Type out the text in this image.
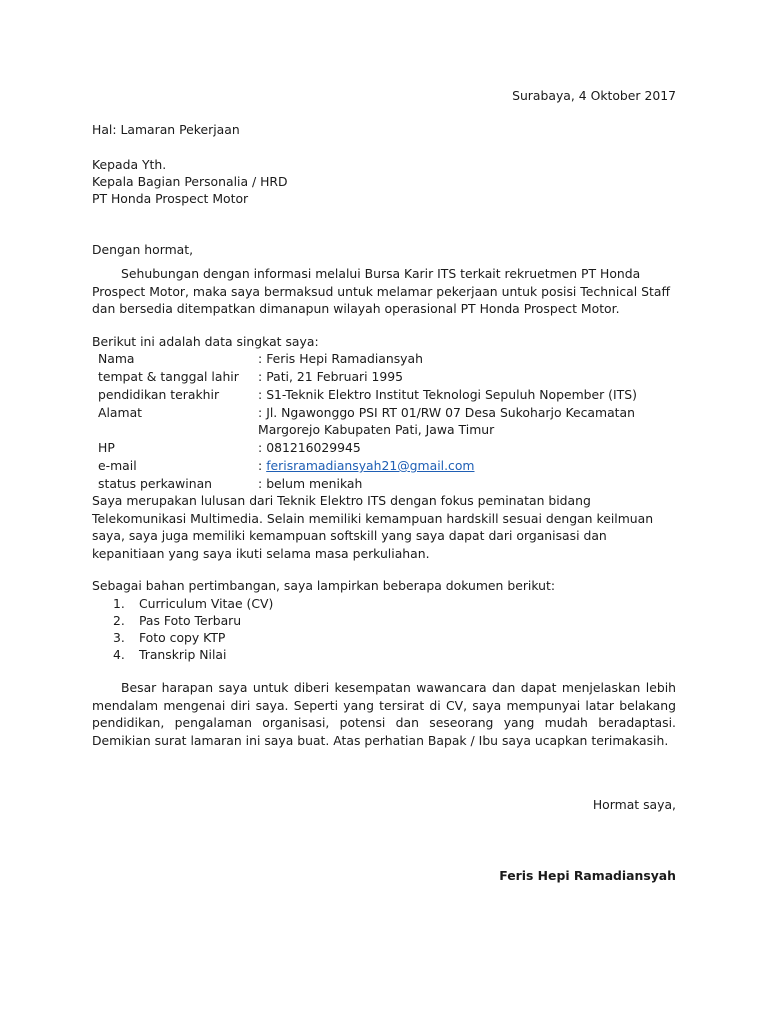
Surabaya, 4 Oktober 2017
Hal: Lamaran Pekerjaan
Kepada Yth.
Kepala Bagian Personalia / HRD
PT Honda Prospect Motor
Dengan hormat,
Sehubungan dengan informasi melalui Bursa Karir ITS terkait rekruetmen PT Honda Prospect Motor, maka saya bermaksud untuk melamar pekerjaan untuk posisi Technical Staff dan bersedia ditempatkan dimanapun wilayah operasional PT Honda Prospect Motor.
Berikut ini adalah data singkat saya:
Nama	: Feris Hepi Ramadiansyah
tempat & tanggal lahir : Pati, 21 Februari 1995
pendidikan terakhir	: S1-Teknik Elektro Institut Teknologi Sepuluh Nopember (ITS)
Alamat	: Jl. Ngawonggo PSI RT 01/RW 07 Desa Sukoharjo Kecamatan
Margorejo Kabupaten Pati, Jawa Timur
HP	: 081216029945
e-mail	: ferisramadiansyah21@gmail.com
status perkawinan	: belum menikah
Saya merupakan lulusan dari Teknik Elektro ITS dengan fokus peminatan bidang Telekomunikasi Multimedia. Selain memiliki kemampuan hardskill sesuai dengan keilmuan saya, saya juga memiliki kemampuan softskill yang saya dapat dari organisasi dan kepanitiaan yang saya ikuti selama masa perkuliahan.
Sebagai bahan pertimbangan, saya lampirkan beberapa dokumen berikut:
1. Curriculum Vitae (CV)
2. Pas Foto Terbaru
3. Foto copy KTP
4. Transkrip Nilai
Besar harapan saya untuk diberi kesempatan wawancara dan dapat menjelaskan lebih mendalam mengenai diri saya. Seperti yang tersirat di CV, saya mempunyai latar belakang pendidikan, pengalaman organisasi, potensi dan seseorang yang mudah beradaptasi. Demikian surat lamaran ini saya buat. Atas perhatian Bapak / Ibu saya ucapkan terimakasih.
Hormat saya,
Feris Hepi Ramadiansyah
